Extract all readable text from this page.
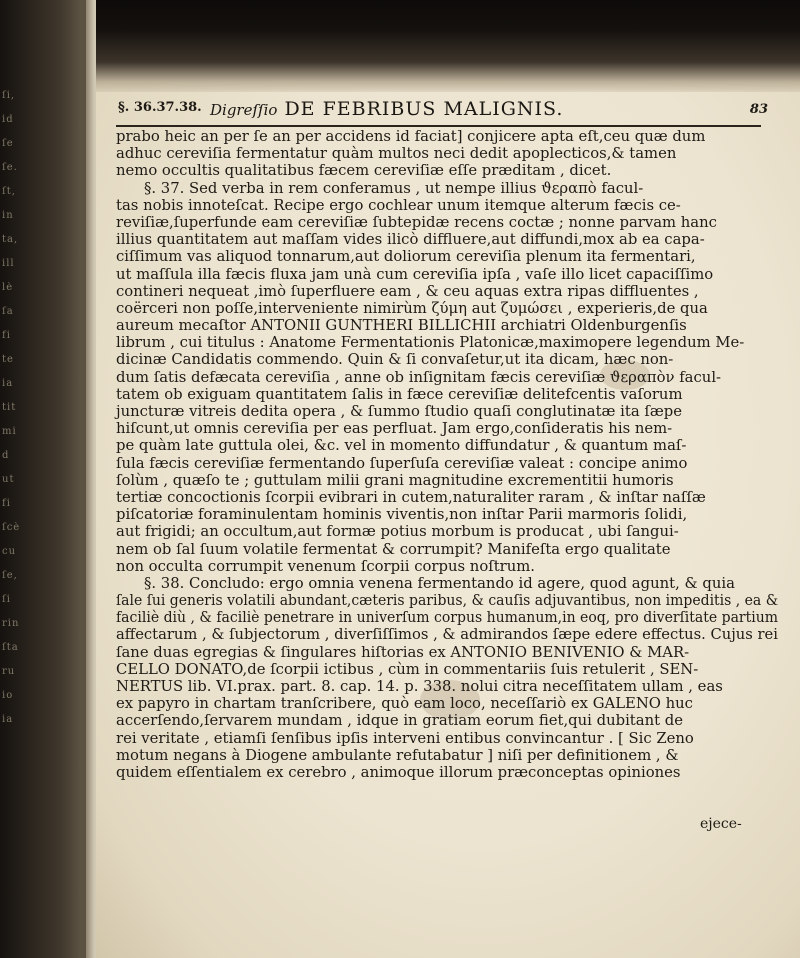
ſi,
id
ſe
ſe.
ſt,
in
ta,
ill
lè
ſa
fi
te
ia
tit
mi
d
ut
fi
ſcè
cu
ſe,
ſi
rin
ſta
ru
io
ia
§. 36.37.38. Digreſſio DE FEBRIBUS MALIGNIS.	83
prabo heic an per ſe an per accidens id faciat] conjicere apta eſt,ceu quæ dum
adhuc cereviſia fermentatur quàm multos neci dedit apoplecticos,& tamen
nemo occultis qualitatibus fæcem cereviſiæ eſſe præditam , dicet.
§. 37. Sed verba in rem conferamus , ut nempe illius ϑεραπὸ facul-
tas nobis innoteſcat. Recipe ergo cochlear unum itemque alterum fæcis ce-
reviſiæ,ſuperfunde eam cereviſiæ ſubtepidæ recens coctæ ; nonne parvam hanc
illius quantitatem aut maſſam vides ilicò diffluere,aut diffundi,mox ab ea capa-
ciſſimum vas aliquod tonnarum,aut doliorum cereviſia plenum ita fermentari,
ut maſſula illa fæcis fluxa jam unà cum cereviſia ipſa , vaſe illo licet capaciſſimo
contineri nequeat ,imò ſuperfluere eam , & ceu aquas extra ripas diffluentes ,
coërceri non poſſe,interveniente nimirùm ζύμη aut ζυμώσει , experieris,de qua
aureum mecaſtor ANTONII GUNTHERI BILLICHII archiatri Oldenburgenſis
librum , cui titulus : Anatome Fermentationis Platonicæ,maximopere legendum Me-
dicinæ Candidatis commendo. Quin & ſi convaſetur,ut ita dicam, hæc non-
dum ſatis defæcata cereviſia , anne ob inſignitam fæcis cereviſiæ ϑεραπὸν facul-
tatem ob exiguam quantitatem ſalis in fæce cereviſiæ delitefcentis vaſorum
juncturæ vitreis dedita opera , & ſummo ſtudio quaſi conglutinatæ ita ſæpe
hiſcunt,ut omnis cereviſia per eas perfluat. Jam ergo,conſideratis his nem-
pe quàm late guttula olei, &c. vel in momento diffundatur , & quantum maſ-
ſula fæcis cereviſiæ fermentando ſuperſuſa cereviſiæ valeat : concipe animo
ſolùm , quæſo te ; guttulam milii grani magnitudine excrementitii humoris
tertiæ concoctionis ſcorpii evibrari in cutem,naturaliter raram , & inſtar naſſæ
piſcatoriæ foraminulentam hominis viventis,non inſtar Parii marmoris ſolidi,
aut frigidi; an occultum,aut formæ potius morbum is producat , ubi ſangui-
nem ob ſal ſuum volatile fermentat & corrumpit? Manifeſta ergo qualitate
non occulta corrumpit venenum ſcorpii corpus noſtrum.
§. 38. Concludo: ergo omnia venena fermentando id agere, quod agunt, & quia
ſale ſui generis volatili abundant,cæteris paribus, & cauſis adjuvantibus, non impeditis , ea &
faciliè diù , & faciliè penetrare in univerſum corpus humanum,in eoq, pro diverſitate partium
affectarum , & ſubjectorum , diverſiſſimos , & admirandos ſæpe edere effectus. Cujus rei
ſane duas egregias & ſingulares hiſtorias ex ANTONIO BENIVENIO & MAR-
CELLO DONATO,de ſcorpii ictibus , cùm in commentariis ſuis retulerit , SEN-
NERTUS lib. VI.prax. part. 8. cap. 14. p. 338. nolui citra neceſſitatem ullam , eas
ex papyro in chartam tranſcribere, quò eam loco, neceſſariò ex GALENO huc
accerſendo,ſervarem mundam , idque in gratiam eorum fiet,qui dubitant de
rei veritate , etiamſi ſenſibus ipſis interveni entibus convincantur . [ Sic Zeno
motum negans à Diogene ambulante refutabatur ] niſi per definitionem , &
quidem eſſentialem ex cerebro , animoque illorum præconceptas opiniones
ejece-
